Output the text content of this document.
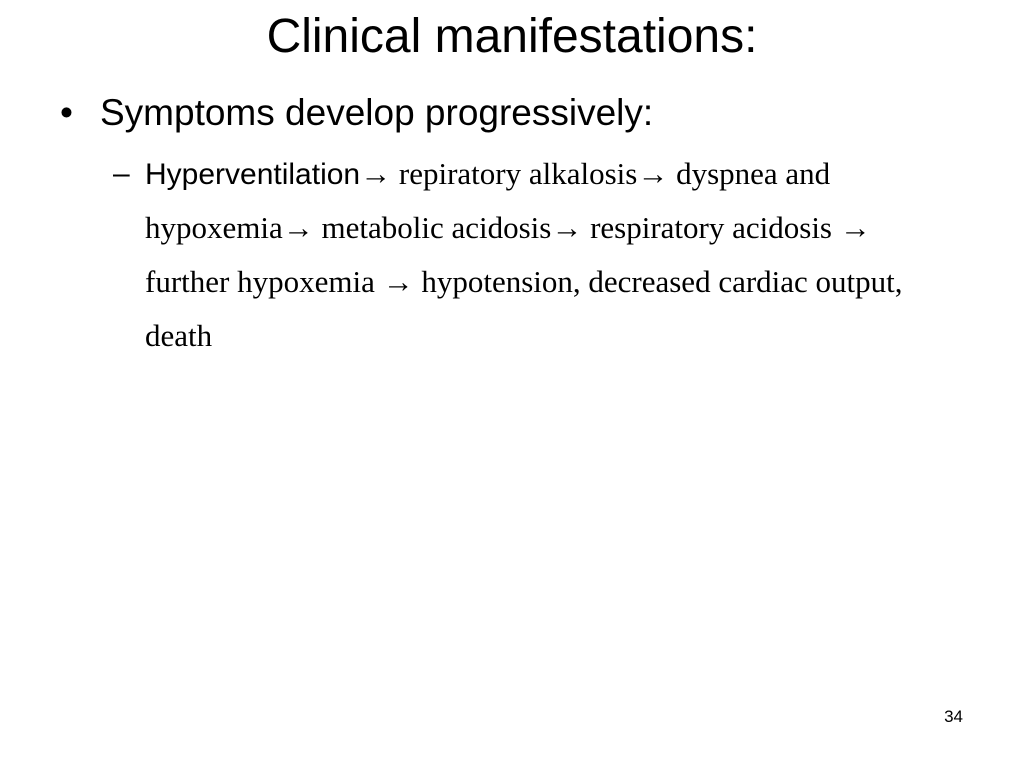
Clinical manifestations:
• Symptoms develop progressively:
– Hyperventilation→ repiratory alkalosis→ dyspnea and hypoxemia→ metabolic acidosis→ respiratory acidosis → further hypoxemia → hypotension, decreased cardiac output, death
34
